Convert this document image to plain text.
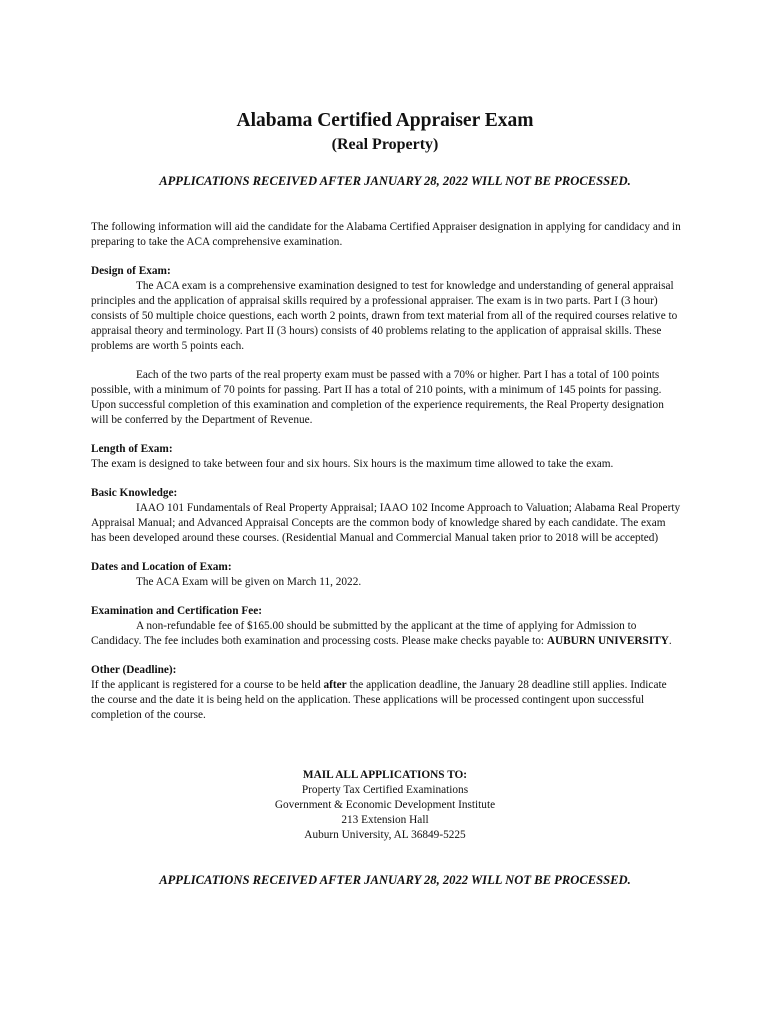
Alabama Certified Appraiser Exam
(Real Property)

APPLICATIONS RECEIVED AFTER JANUARY 28, 2022 WILL NOT BE PROCESSED.

The following information will aid the candidate for the Alabama Certified Appraiser designation in applying for candidacy and in preparing to take the ACA comprehensive examination.

Design of Exam:

The ACA exam is a comprehensive examination designed to test for knowledge and understanding of general appraisal principles and the application of appraisal skills required by a professional appraiser. The exam is in two parts. Part I (3 hour) consists of 50 multiple choice questions, each worth 2 points, drawn from text material from all of the required courses relative to appraisal theory and terminology. Part II (3 hours) consists of 40 problems relating to the application of appraisal skills. These problems are worth 5 points each.

Each of the two parts of the real property exam must be passed with a 70% or higher. Part I has a total of 100 points possible, with a minimum of 70 points for passing. Part II has a total of 210 points, with a minimum of 145 points for passing. Upon successful completion of this examination and completion of the experience requirements, the Real Property designation will be conferred by the Department of Revenue.

Length of Exam:

The exam is designed to take between four and six hours. Six hours is the maximum time allowed to take the exam.

Basic Knowledge:

IAAO 101 Fundamentals of Real Property Appraisal; IAAO 102 Income Approach to Valuation; Alabama Real Property Appraisal Manual; and Advanced Appraisal Concepts are the common body of knowledge shared by each candidate. The exam has been developed around these courses. (Residential Manual and Commercial Manual taken prior to 2018 will be accepted)

Dates and Location of Exam:

The ACA Exam will be given on March 11, 2022.

Examination and Certification Fee:

A non-refundable fee of $165.00 should be submitted by the applicant at the time of applying for Admission to Candidacy. The fee includes both examination and processing costs. Please make checks payable to: AUBURN UNIVERSITY.

Other (Deadline):

If the applicant is registered for a course to be held after the application deadline, the January 28 deadline still applies. Indicate the course and the date it is being held on the application. These applications will be processed contingent upon successful completion of the course.

MAIL ALL APPLICATIONS TO:
Property Tax Certified Examinations
Government & Economic Development Institute
213 Extension Hall
Auburn University, AL 36849-5225

APPLICATIONS RECEIVED AFTER JANUARY 28, 2022 WILL NOT BE PROCESSED.
